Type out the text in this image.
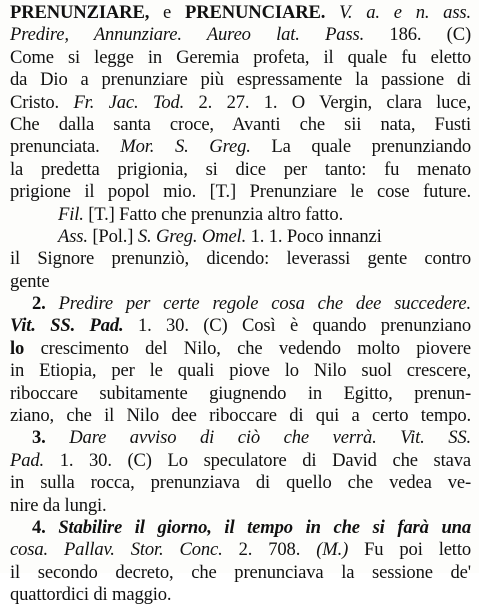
PRENUNZIARE, e PRENUNCIARE. V. a. e n. ass.
Predire, Annunziare. Aureo lat. Pass. 186. (C)
Come si legge in Geremia profeta, il quale fu eletto
da Dio a prenunziare più espressamente la passione di
Cristo. Fr. Jac. Tod. 2. 27. 1. O Vergin, clara luce,
Che dalla santa croce, Avanti che sii nata, Fusti
prenunciata. Mor. S. Greg. La quale prenunziando
la predetta prigionia, si dice per tanto: fu menato
prigione il popol mio. [T.] Prenunziare le cose future.
Fil. [T.] Fatto che prenunzia altro fatto.
Ass. [Pol.] S. Greg. Omel. 1. 1. Poco innanzi
il Signore prenunziò, dicendo: leverassi gente contro
gente
2. Predire per certe regole cosa che dee succedere.
Vit. SS. Pad. 1. 30. (C) Così è quando prenunziano
lo crescimento del Nilo, che vedendo molto piovere
in Etiopia, per le quali piove lo Nilo suol crescere,
riboccare subitamente giugnendo in Egitto, prenun-
ziano, che il Nilo dee riboccare di qui a certo tempo.
3. Dare avviso di ciò che verrà. Vit. SS.
Pad. 1. 30. (C) Lo speculatore di David che stava
in sulla rocca, prenunziava di quello che vedea ve-
nire da lungi.
4. Stabilire il giorno, il tempo in che si farà una
cosa. Pallav. Stor. Conc. 2. 708. (M.) Fu poi letto
il secondo decreto, che prenunciava la sessione de'
quattordici di maggio.
